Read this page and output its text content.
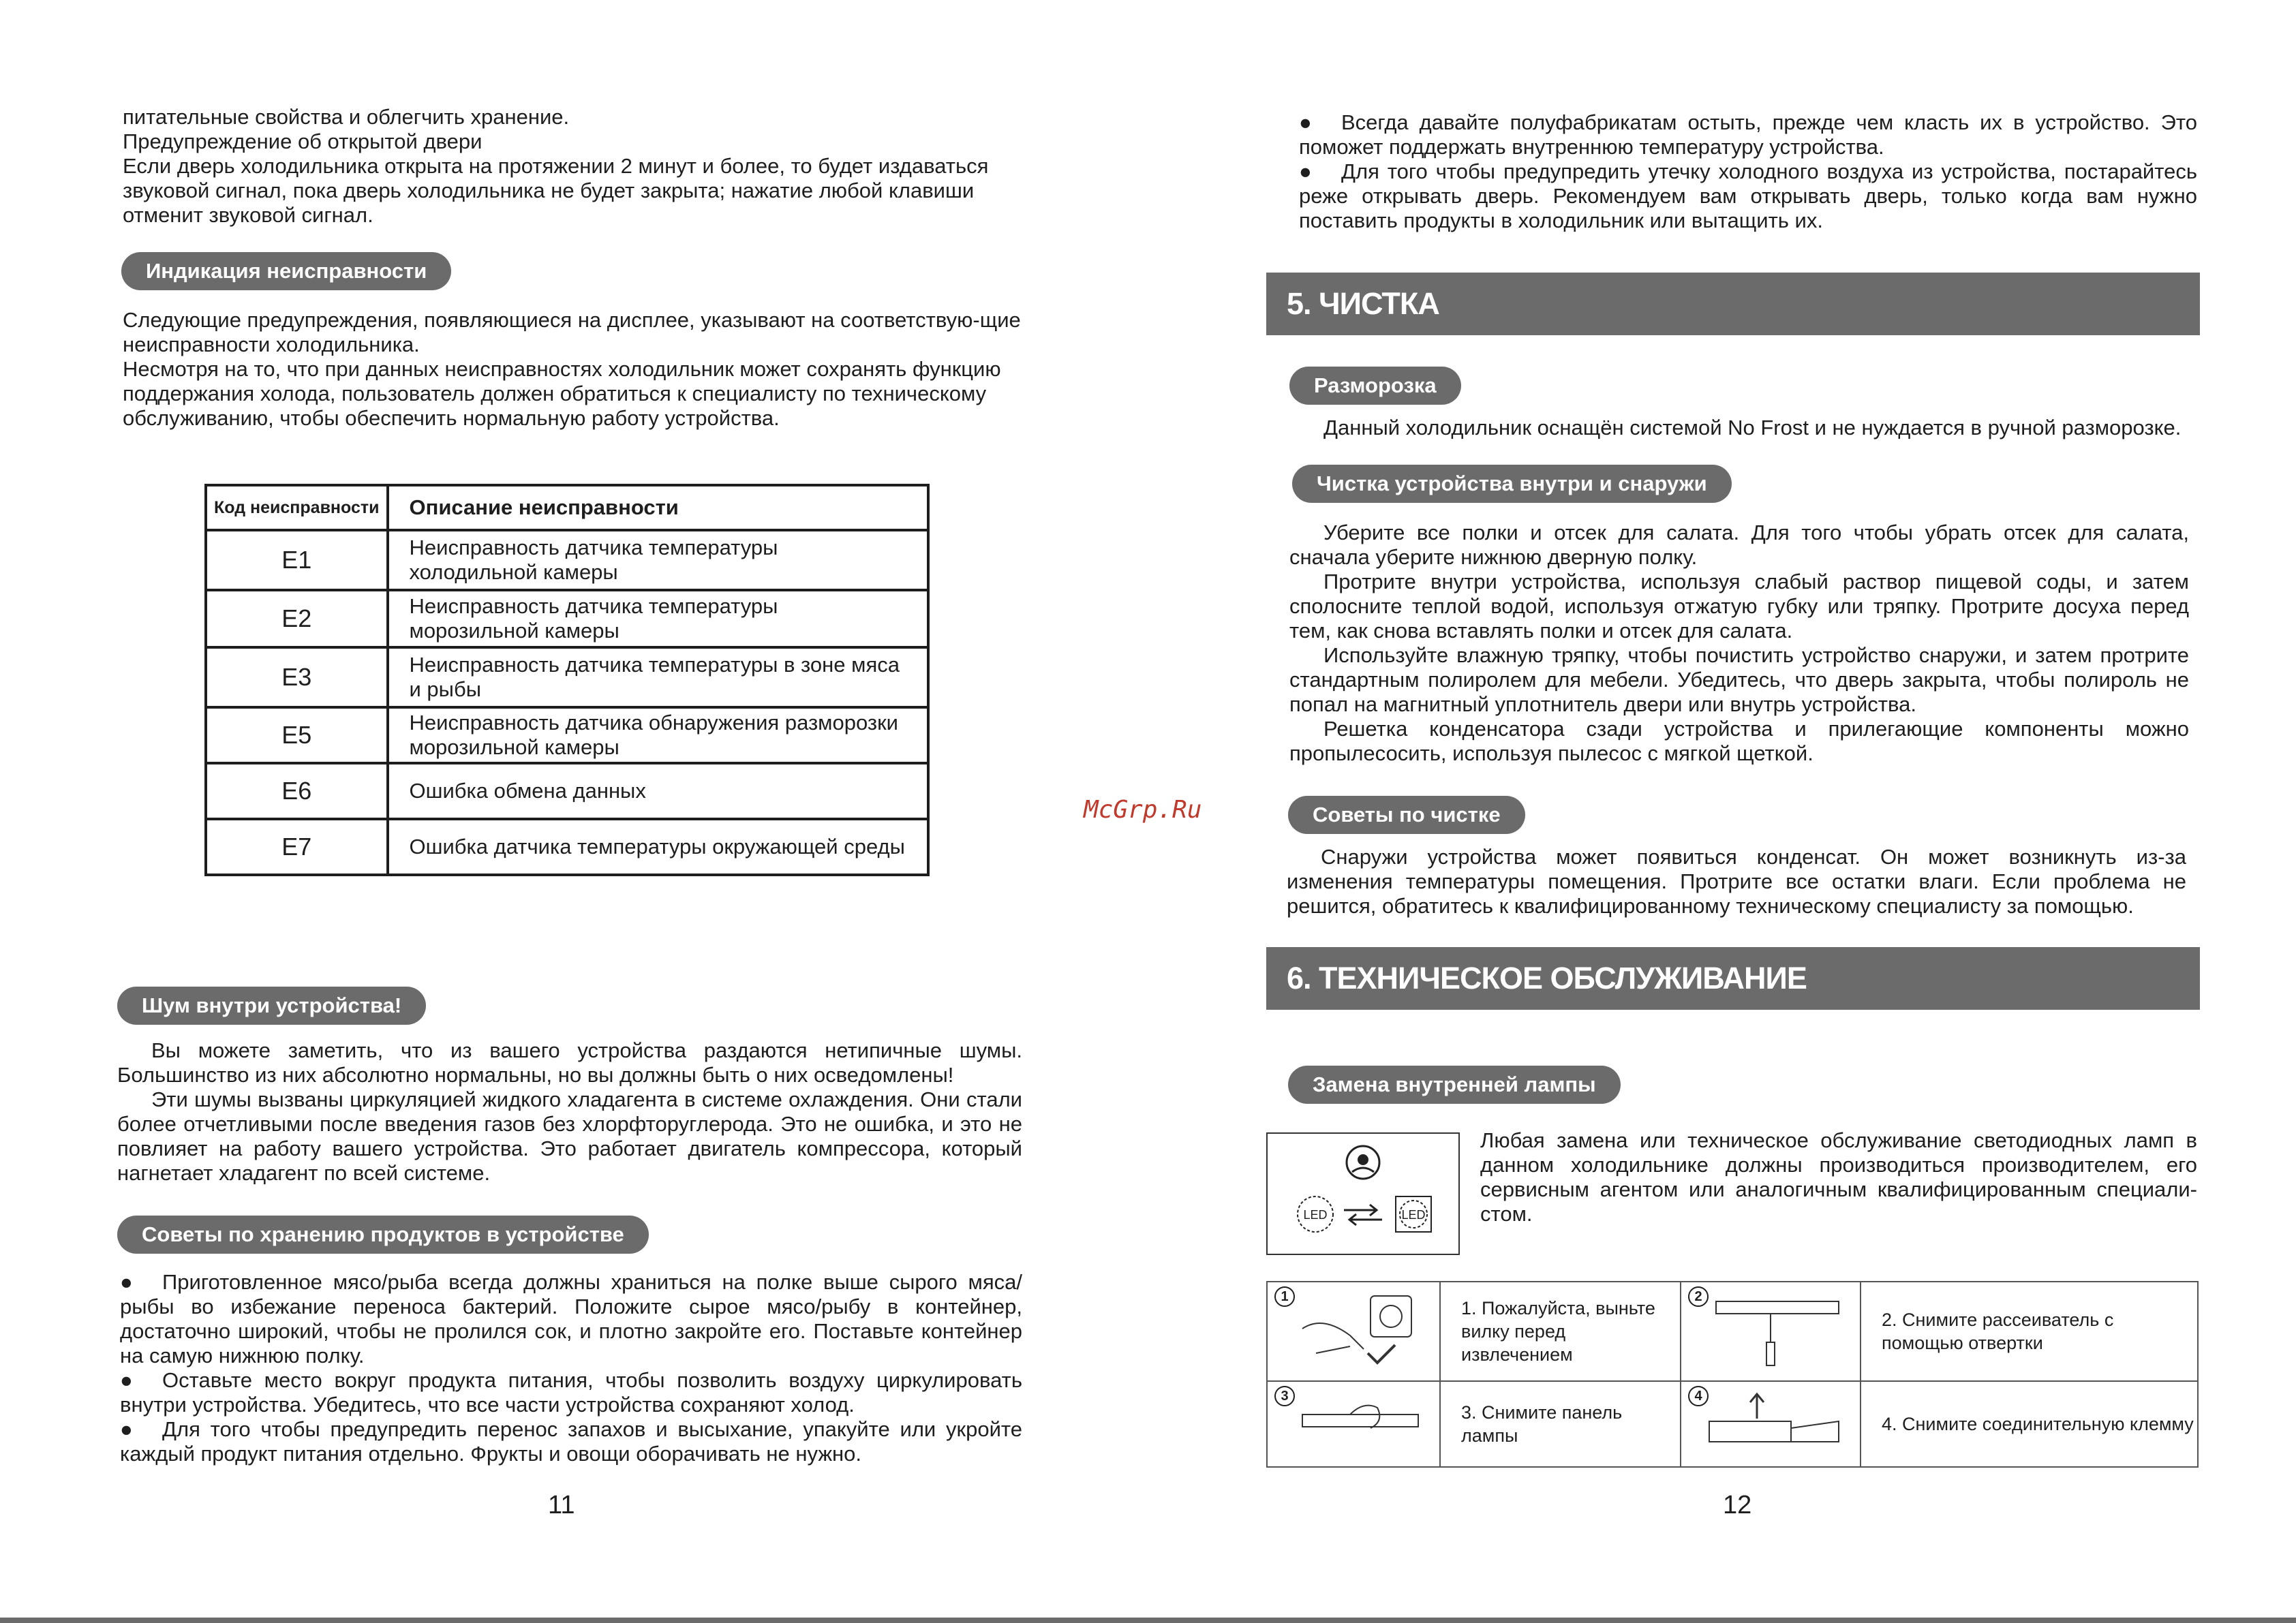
питательные свойства и облегчить хранение.

Предупреждение об открытой двери

Если дверь холодильника открыта на протяжении 2 минут и более, то будет издаваться звуковой сигнал, пока дверь холодильника не будет закрыта; нажатие любой клавиши отменит звуковой сигнал.

Индикация неисправности

Следующие предупреждения, появляющиеся на дисплее, указывают на соответствую-щие неисправности холодильника.

Несмотря на то, что при данных неисправностях холодильник может сохранять функцию поддержания холода, пользователь должен обратиться к специалисту по техническому обслуживанию, чтобы обеспечить нормальную работу устройства.

Код неисправности	Описание неисправности
E1	Неисправность датчика температуры холодильной камеры
E2	Неисправность датчика температуры морозильной камеры
E3	Неисправность датчика температуры в зоне мяса и рыбы
E5	Неисправность датчика обнаружения разморозки морозильной камеры
E6	Ошибка обмена данных
E7	Ошибка датчика температуры окружающей среды
Шум внутри устройства!

Вы можете заметить, что из вашего устройства раздаются нетипичные шумы. Большинство из них абсолютно нормальны, но вы должны быть о них осведомлены!

Эти шумы вызваны циркуляцией жидкого хладагента в системе охлаждения. Они стали более отчетливыми после введения газов без хлорфторуглерода. Это не ошибка, и это не повлияет на работу вашего устройства. Это работает двигатель компрессора, который нагнетает хладагент по всей системе.

Советы по хранению продуктов в устройстве

● Приготовленное мясо/рыба всегда должны храниться на полке выше сырого мяса/рыбы во избежание переноса бактерий. Положите сырое мясо/рыбу в контейнер, достаточно широкий, чтобы не пролился сок, и плотно закройте его. Поставьте контейнер на самую нижнюю полку.

● Оставьте место вокруг продукта питания, чтобы позволить воздуху циркулировать внутри устройства. Убедитесь, что все части устройства сохраняют холод.

● Для того чтобы предупредить перенос запахов и высыхание, упакуйте или укройте каждый продукт питания отдельно. Фрукты и овощи оборачивать не нужно.

11
McGrp.Ru

● Всегда давайте полуфабрикатам остыть, прежде чем класть их в устройство. Это поможет поддержать внутреннюю температуру устройства.

● Для того чтобы предупредить утечку холодного воздуха из устройства, постарайтесь реже открывать дверь. Рекомендуем вам открывать дверь, только когда вам нужно поставить продукты в холодильник или вытащить их.

5. ЧИСТКА
Разморозка
Данный холодильник оснащён системой No Frost и не нуждается в ручной разморозке.
Чистка устройства внутри и снаружи

Уберите все полки и отсек для салата. Для того чтобы убрать отсек для салата, сначала уберите нижнюю дверную полку.

Протрите внутри устройства, используя слабый раствор пищевой соды, и затем сполосните теплой водой, используя отжатую губку или тряпку. Протрите досуха перед тем, как снова вставлять полки и отсек для салата.

Используйте влажную тряпку, чтобы почистить устройство снаружи, и затем протрите стандартным полиролем для мебели. Убедитесь, что дверь закрыта, чтобы полироль не попал на магнитный уплотнитель двери или внутрь устройства.

Решетка конденсатора сзади устройства и прилегающие компоненты можно пропылесосить, используя пылесос с мягкой щеткой.

Советы по чистке

Снаружи устройства может появиться конденсат. Он может возникнуть из-за изменения температуры помещения. Протрите все остатки влаги. Если проблема не решится, обратитесь к квалифицированному техническому специалисту за помощью.

6. ТЕХНИЧЕСКОЕ ОБСЛУЖИВАНИЕ
Замена внутренней лампы
LED	LED
Любая замена или техническое обслуживание светодиодных ламп в данном холодильнике должны производиться производителем, его сервисным агентом или аналогичным квалифицированным специали-стом.
1	1. Пожалуйста, выньте вилку перед извлечением	2	2. Снимите рассеиватель с помощью отвертки

3	3. Снимите панель лампы	4	4. Снимите соединительную клемму
12
